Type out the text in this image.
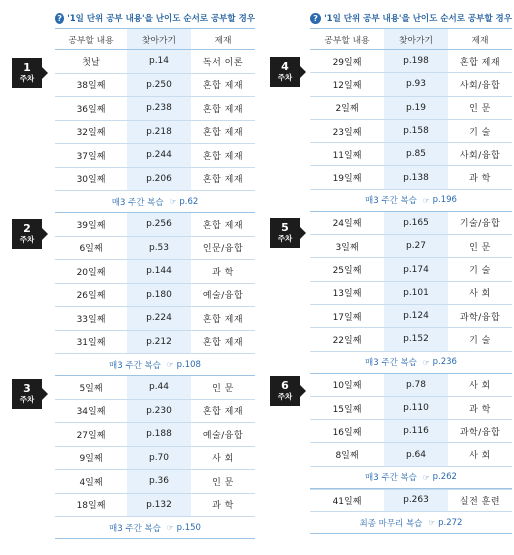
? '1일 단위 공부 내용'을 난이도 순서로 공부할 경우
공부할 내용	찾아가기	제재
첫날	p.14	독서 이론
38일째	p.250	혼합 제재
36일째	p.238	혼합 제재
32일째	p.218	혼합 제재
37일째	p.244	혼합 제재
30일째	p.206	혼합 제재
매3 주간 복습 ☞ p.62
39일째	p.256	혼합 제재
6일째	p.53	인문/융합
20일째	p.144	과 학
26일째	p.180	예술/융합
33일째	p.224	혼합 제재
31일째	p.212	혼합 제재
매3 주간 복습 ☞ p.108
5일째	p.44	인 문
34일째	p.230	혼합 제재
27일째	p.188	예술/융합
9일째	p.70	사 회
4일째	p.36	인 문
18일째	p.132	과 학
매3 주간 복습 ☞ p.150
? '1일 단위 공부 내용'을 난이도 순서로 공부할 경우
공부할 내용	찾아가기	제재
29일째	p.198	혼합 제재
12일째	p.93	사회/융합
2일째	p.19	인 문
23일째	p.158	기 술
11일째	p.85	사회/융합
19일째	p.138	과 학
매3 주간 복습 ☞ p.196
24일째	p.165	기술/융합
3일째	p.27	인 문
25일째	p.174	기 술
13일째	p.101	사 회
17일째	p.124	과학/융합
22일째	p.152	기 술
매3 주간 복습 ☞ p.236
10일째	p.78	사 회
15일째	p.110	과 학
16일째	p.116	과학/융합
8일째	p.64	사 회
매3 주간 복습 ☞ p.262
41일째	p.263	실전 훈련
최종 마무리 복습 ☞ p.272
1
주차
2
주차
3
주차
4
주차
5
주차
6
주차
